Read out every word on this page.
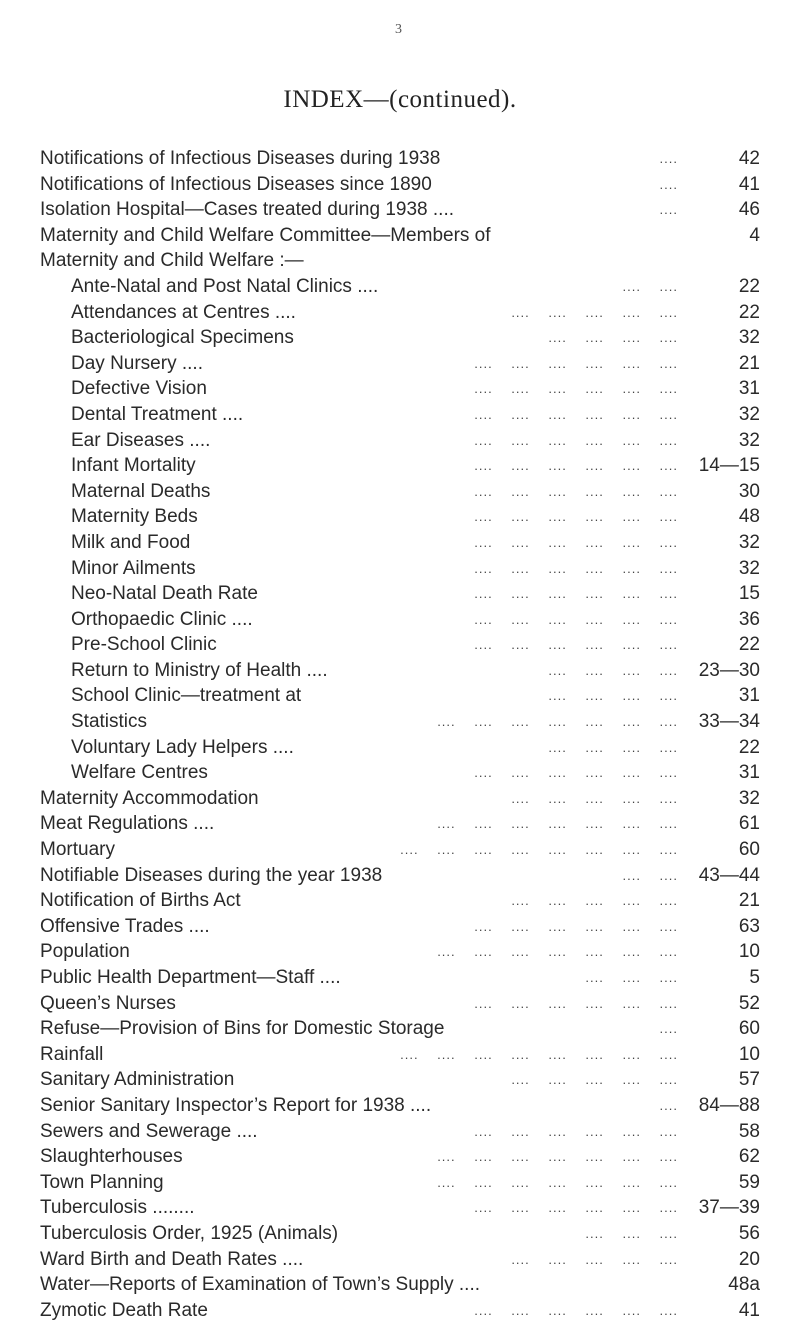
3
INDEX—(continued).
Notifications of Infectious Diseases during 1938	....	42
Notifications of Infectious Diseases since 1890	....	41
Isolation Hospital—Cases treated during 1938 ....	....	46
Maternity and Child Welfare Committee—Members of	4
Maternity and Child Welfare :—
Ante-Natal and Post Natal Clinics ....	.... ....	22
Attendances at Centres ....	.... .... .... .... ....	22
Bacteriological Specimens	.... .... .... ....	32
Day Nursery ....	.... .... .... .... .... ....	21
Defective Vision	.... .... .... .... .... ....	31
Dental Treatment ....	.... .... .... .... .... ....	32
Ear Diseases ....	.... .... .... .... .... ....	32
Infant Mortality	.... .... .... .... .... .... 14—15
Maternal Deaths	.... .... .... .... .... ....	30
Maternity Beds	.... .... .... .... .... ....	48
Milk and Food	.... .... .... .... .... ....	32
Minor Ailments	.... .... .... .... .... ....	32
Neo-Natal Death Rate	.... .... .... .... .... ....	15
Orthopaedic Clinic ....	.... .... .... .... .... ....	36
Pre-School Clinic	.... .... .... .... .... ....	22
Return to Ministry of Health ....	.... .... .... .... 23—30
School Clinic—treatment at	.... .... .... ....	31
Statistics	.... .... .... .... .... .... .... 33—34
Voluntary Lady Helpers ....	.... .... .... ....	22
Welfare Centres	.... .... .... .... .... ....	31
Maternity Accommodation	.... .... .... .... ....	32
Meat Regulations ....	.... .... .... .... .... .... ....	61
Mortuary	.... .... .... .... .... .... .... ....	60
Notifiable Diseases during the year 1938	.... .... 43—44
Notification of Births Act	.... .... .... .... ....	21
Offensive Trades ....	.... .... .... .... .... ....	63
Population	.... .... .... .... .... .... ....	10
Public Health Department—Staff ....	.... .... ....	5
Queen’s Nurses	.... .... .... .... .... ....	52
Refuse—Provision of Bins for Domestic Storage	....	60
Rainfall	.... .... .... .... .... .... .... ....	10
Sanitary Administration	.... .... .... .... ....	57
Senior Sanitary Inspector’s Report for 1938 ....	.... 84—88
Sewers and Sewerage ....	.... .... .... .... .... ....	58
Slaughterhouses	.... .... .... .... .... .... ....	62
Town Planning	.... .... .... .... .... .... ....	59
Tuberculosis ........	.... .... .... .... .... .... 37—39
Tuberculosis Order, 1925 (Animals)	.... .... ....	56
Ward Birth and Death Rates ....	.... .... .... .... ....	20
Water—Reports of Examination of Town’s Supply ....	48a
Zymotic Death Rate	.... .... .... .... .... ....	41
